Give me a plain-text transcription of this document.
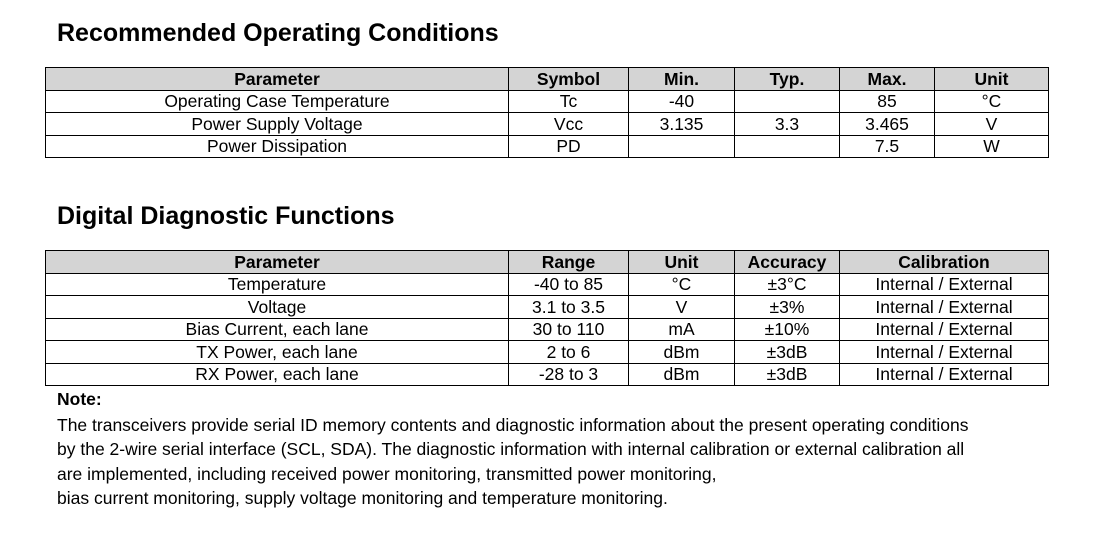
Recommended Operating Conditions
Parameter	Symbol	Min.	Typ.	Max.	Unit
Operating Case Temperature	Tc	-40		85	°C
Power Supply Voltage	Vcc	3.135	3.3	3.465	V
Power Dissipation	PD			7.5	W
Digital Diagnostic Functions
Parameter	Range	Unit	Accuracy	Calibration
Temperature	-40 to 85	°C	±3°C	Internal / External
Voltage	3.1 to 3.5	V	±3%	Internal / External
Bias Current, each lane	30 to 110	mA	±10%	Internal / External
TX Power, each lane	2 to 6	dBm	±3dB	Internal / External
RX Power, each lane	-28 to 3	dBm	±3dB	Internal / External

Note:

The transceivers provide serial ID memory contents and diagnostic information about the present operating conditions
by the 2-wire serial interface (SCL, SDA). The diagnostic information with internal calibration or external calibration all
are implemented, including received power monitoring, transmitted power monitoring,
bias current monitoring, supply voltage monitoring and temperature monitoring.
